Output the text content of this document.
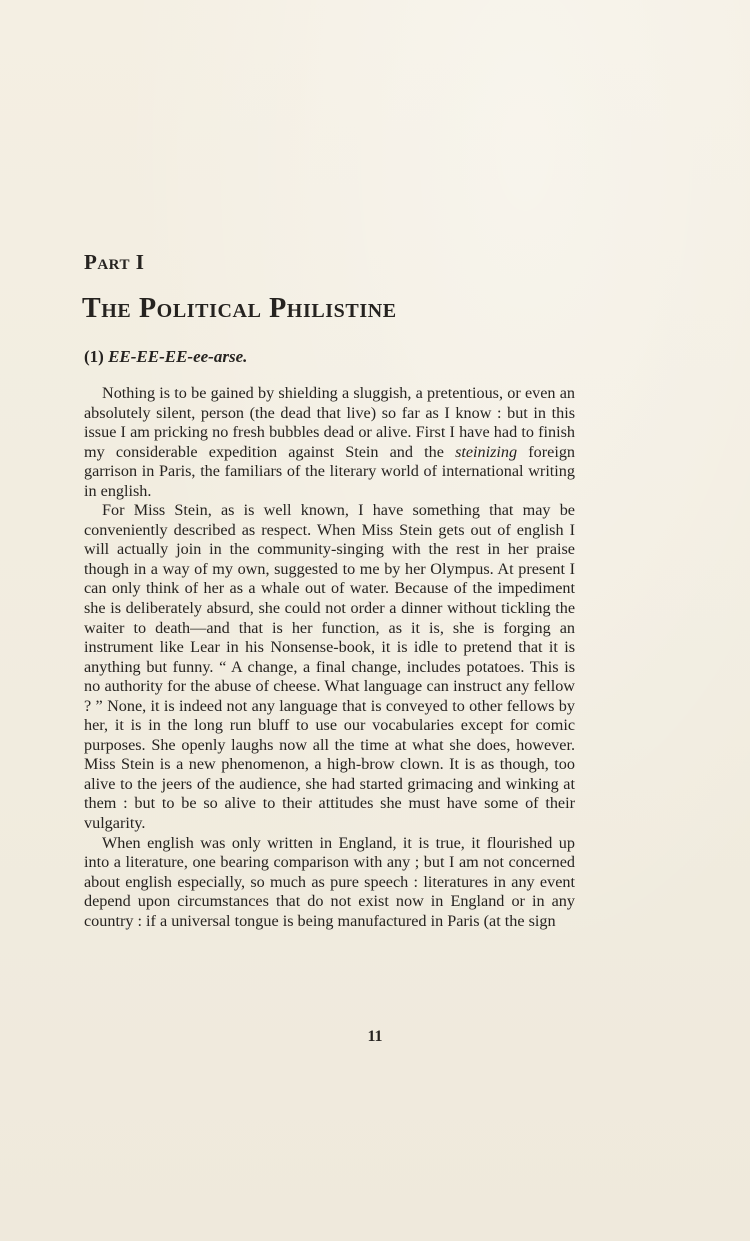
Part I
The Political Philistine
(1) EE-EE-EE-ee-arse.

Nothing is to be gained by shielding a sluggish, a pretentious, or even an absolutely silent, person (the dead that live) so far as I know : but in this issue I am pricking no fresh bubbles dead or alive. First I have had to finish my considerable expedition against Stein and the steinizing foreign garrison in Paris, the familiars of the literary world of international writing in english.

For Miss Stein, as is well known, I have something that may be conveniently described as respect. When Miss Stein gets out of english I will actually join in the community-singing with the rest in her praise though in a way of my own, suggested to me by her Olympus. At present I can only think of her as a whale out of water. Because of the impediment she is deliberately absurd, she could not order a dinner without tickling the waiter to death—and that is her function, as it is, she is forging an instrument like Lear in his Nonsense-book, it is idle to pretend that it is anything but funny. “ A change, a final change, includes potatoes. This is no authority for the abuse of cheese. What language can instruct any fellow ? ” None, it is indeed not any language that is conveyed to other fellows by her, it is in the long run bluff to use our vocabularies except for comic purposes. She openly laughs now all the time at what she does, however. Miss Stein is a new phenomenon, a high-brow clown. It is as though, too alive to the jeers of the audience, she had started grimacing and winking at them : but to be so alive to their attitudes she must have some of their vulgarity.

When english was only written in England, it is true, it flourished up into a literature, one bearing comparison with any ; but I am not concerned about english especially, so much as pure speech : literatures in any event depend upon circumstances that do not exist now in England or in any country : if a universal tongue is being manufactured in Paris (at the sign

11
